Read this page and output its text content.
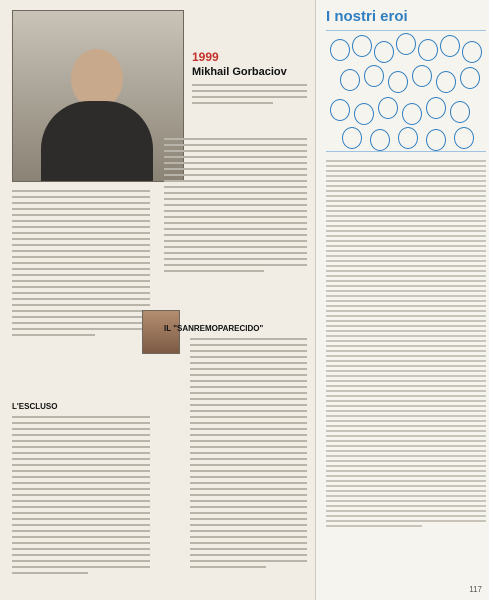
1999
Mikhail Gorbaciov
L'ESCLUSO
IL "SANREMOPARECIDO"
I nostri eroi
117
